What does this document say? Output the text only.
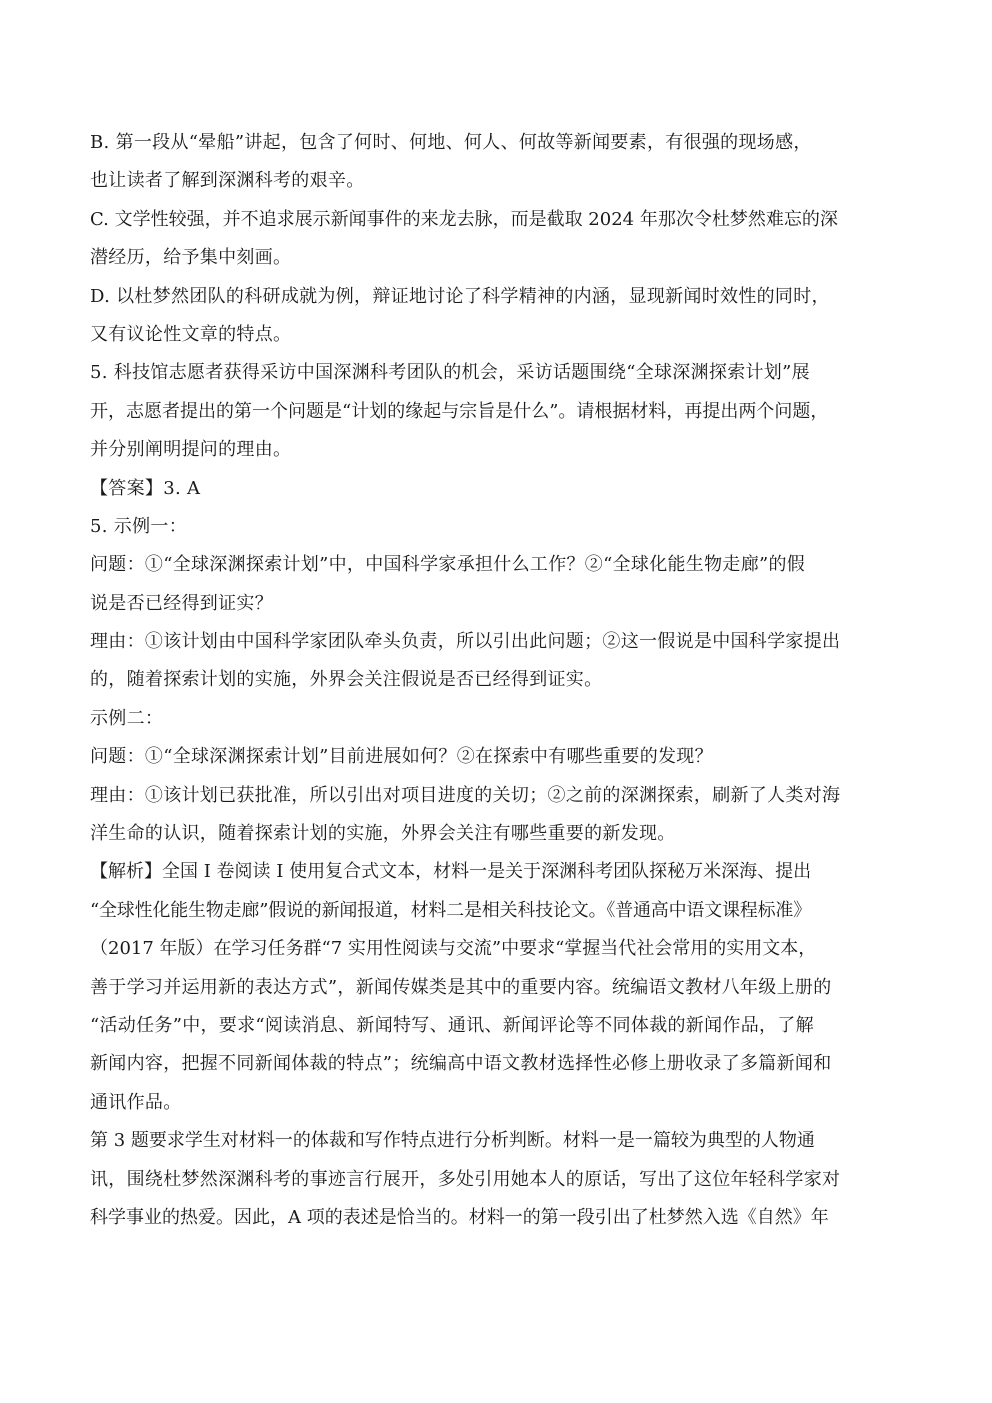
B. 第一段从“晕船”讲起，包含了何时、何地、何人、何故等新闻要素，有很强的现场感，
也让读者了解到深渊科考的艰辛。
C. 文学性较强，并不追求展示新闻事件的来龙去脉，而是截取 2024 年那次令杜梦然难忘的深
潜经历，给予集中刻画。
D. 以杜梦然团队的科研成就为例，辩证地讨论了科学精神的内涵，显现新闻时效性的同时，
又有议论性文章的特点。
5. 科技馆志愿者获得采访中国深渊科考团队的机会，采访话题围绕“全球深渊探索计划”展
开，志愿者提出的第一个问题是“计划的缘起与宗旨是什么”。请根据材料，再提出两个问题，
并分别阐明提问的理由。
【答案】3. A
5. 示例一：
问题：①“全球深渊探索计划”中，中国科学家承担什么工作？②“全球化能生物走廊”的假
说是否已经得到证实？
理由：①该计划由中国科学家团队牵头负责，所以引出此问题；②这一假说是中国科学家提出
的，随着探索计划的实施，外界会关注假说是否已经得到证实。
示例二：
问题：①“全球深渊探索计划”目前进展如何？②在探索中有哪些重要的发现？
理由：①该计划已获批准，所以引出对项目进度的关切；②之前的深渊探索，刷新了人类对海
洋生命的认识，随着探索计划的实施，外界会关注有哪些重要的新发现。
【解析】全国 I 卷阅读 I 使用复合式文本，材料一是关于深渊科考团队探秘万米深海、提出
“全球性化能生物走廊”假说的新闻报道，材料二是相关科技论文。《普通高中语文课程标准》
（2017 年版）在学习任务群“7 实用性阅读与交流”中要求“掌握当代社会常用的实用文本，
善于学习并运用新的表达方式”，新闻传媒类是其中的重要内容。统编语文教材八年级上册的
“活动任务”中，要求“阅读消息、新闻特写、通讯、新闻评论等不同体裁的新闻作品，了解
新闻内容，把握不同新闻体裁的特点”；统编高中语文教材选择性必修上册收录了多篇新闻和
通讯作品。
第 3 题要求学生对材料一的体裁和写作特点进行分析判断。材料一是一篇较为典型的人物通
讯，围绕杜梦然深渊科考的事迹言行展开，多处引用她本人的原话，写出了这位年轻科学家对
科学事业的热爱。因此，A 项的表述是恰当的。材料一的第一段引出了杜梦然入选《自然》年
